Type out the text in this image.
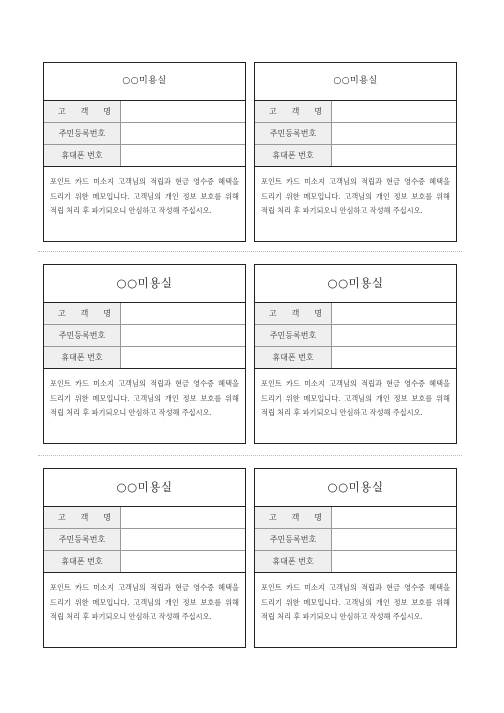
○○미용실
고 객 명
주민등록번호
휴대폰 번호
포인트 카드 미소지 고객님의 적립과 현금 영수증 혜택을 드리기 위한 메모입니다. 고객님의 개인 정보 보호를 위해 적립 처리 후 파기되오니 안심하고 작성해 주십시오.
○○미용실
고 객 명
주민등록번호
휴대폰 번호
포인트 카드 미소지 고객님의 적립과 현금 영수증 혜택을 드리기 위한 메모입니다. 고객님의 개인 정보 보호를 위해 적립 처리 후 파기되오니 안심하고 작성해 주십시오.
○○미용실
고 객 명
주민등록번호
휴대폰 번호
포인트 카드 미소지 고객님의 적립과 현금 영수증 혜택을 드리기 위한 메모입니다. 고객님의 개인 정보 보호를 위해 적립 처리 후 파기되오니 안심하고 작성해 주십시오.
○○미용실
고 객 명
주민등록번호
휴대폰 번호
포인트 카드 미소지 고객님의 적립과 현금 영수증 혜택을 드리기 위한 메모입니다. 고객님의 개인 정보 보호를 위해 적립 처리 후 파기되오니 안심하고 작성해 주십시오.
○○미용실
고 객 명
주민등록번호
휴대폰 번호
포인트 카드 미소지 고객님의 적립과 현금 영수증 혜택을 드리기 위한 메모입니다. 고객님의 개인 정보 보호를 위해 적립 처리 후 파기되오니 안심하고 작성해 주십시오.
○○미용실
고 객 명
주민등록번호
휴대폰 번호
포인트 카드 미소지 고객님의 적립과 현금 영수증 혜택을 드리기 위한 메모입니다. 고객님의 개인 정보 보호를 위해 적립 처리 후 파기되오니 안심하고 작성해 주십시오.
